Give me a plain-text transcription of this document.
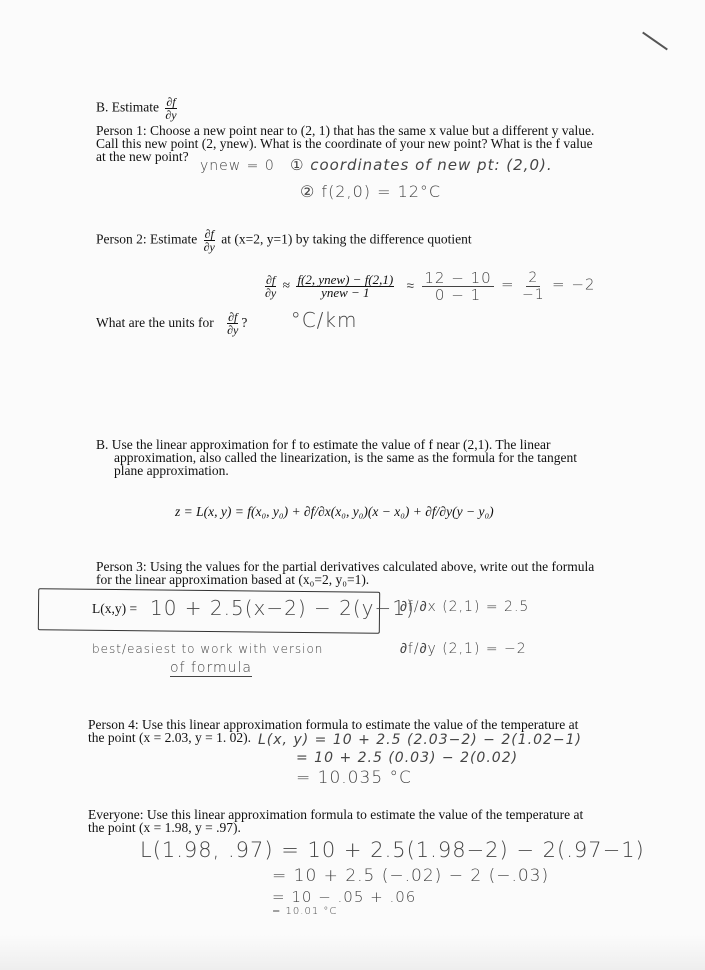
B. Estimate $\frac{\partial f}{\partial y}$
Person 1: Choose a new point near to (2, 1) that has the same x value but a different y value.
Call this new point (2, ynew). What is the coordinate of your new point? What is the f value
at the new point?
ynew = 0 ① coordinates of new pt: (2,0).
② f(2,0) = 12°C
Person 2: Estimate $\frac{\partial f}{\partial y}$ at (x=2, y=1) by taking the difference quotient
$\frac{\partial f}{\partial y} \approx \frac{\text{f(2, ynew) − f(2,1)}}{\text{ynew − 1}} \approx \frac{12 - 10}{0 - 1} = \frac{2}{-1} = -2$
What are the units for $\frac{\partial f}{\partial y}$ ? °C/km
B. Use the linear approximation for f to estimate the value of f near (2,1). The linear
approximation, also called the linearization, is the same as the formula for the tangent
plane approximation.
z = L(x, y) = f(x₀, y₀) + ∂f/∂x(x₀, y₀)(x − x₀) + ∂f/∂y(y − y₀)
Person 3: Using the values for the partial derivatives calculated above, write out the formula
for the linear approximation based at (x₀=2, y₀=1).
L(x,y) = 10 + 2.5(x−2) − 2(y−1)
best/easiest to work with version
of formula
∂f/∂x (2,1) = 2.5
∂f/∂y (2,1) = −2
Person 4: Use this linear approximation formula to estimate the value of the temperature at
the point (x = 2.03, y = 1. 02). L(x, y) = 10 + 2.5 (2.03−2) − 2(1.02−1)
= 10 + 2.5 (0.03) − 2(0.02)
= 10.035 °C
Everyone: Use this linear approximation formula to estimate the value of the temperature at
the point (x = 1.98, y = .97).
L(1.98, .97) = 10 + 2.5(1.98−2) − 2(.97−1)
= 10 + 2.5 (−.02) − 2 (−.03)
= 10 − .05 + .06
= 10.01 °C
